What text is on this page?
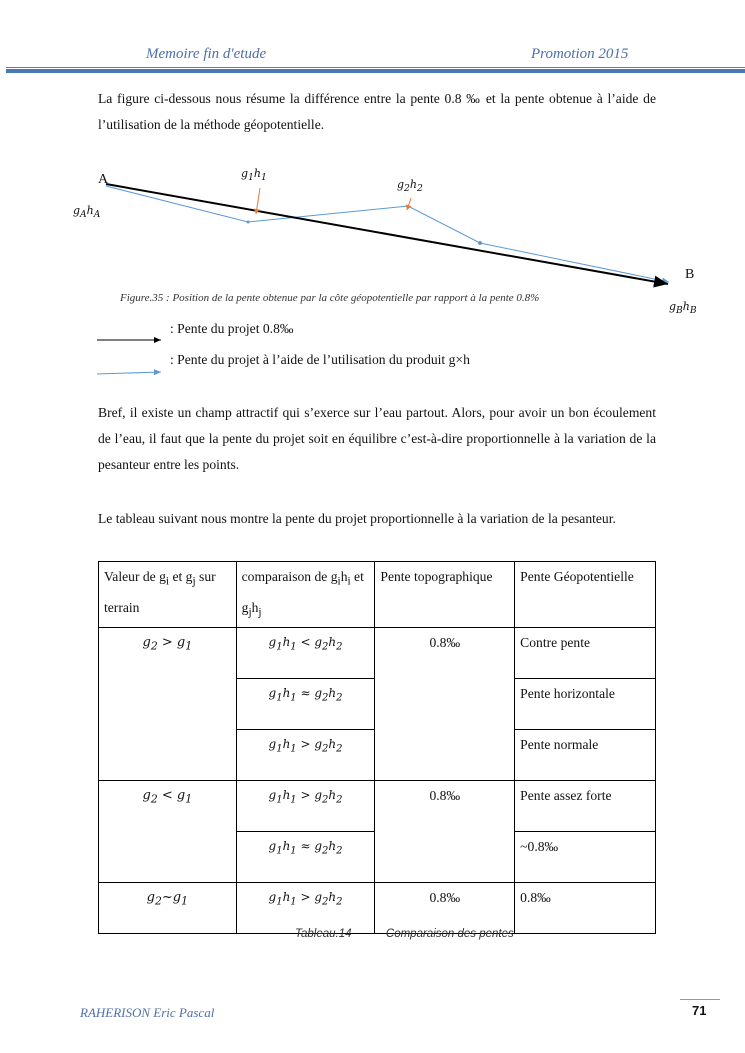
Memoire fin d'etude	Promotion 2015
La figure ci-dessous nous résume la différence entre la pente 0.8 ‰ et la pente obtenue à l’aide de l’utilisation de la méthode géopotentielle.
A
B
$g_Ah_A$
$g_1h_1$
$g_2h_2$
$g_Bh_B$
Figure.35 : Position de la pente obtenue par la côte géopotentielle par rapport à la pente 0.8%
: Pente du projet 0.8‰
: Pente du projet à l’aide de l’utilisation du produit g×h
Bref, il existe un champ attractif qui s’exerce sur l’eau partout. Alors, pour avoir un bon écoulement de l’eau, il faut que la pente du projet soit en équilibre c’est-à-dire proportionnelle à la variation de la pesanteur entre les points.
Le tableau suivant nous montre la pente du projet proportionnelle à la variation de la pesanteur.
Valeur de $g_i$ et $g_j$ sur terrain	comparaison de $g_ih_i$ et $g_jh_j$	Pente topographique	Pente Géopotentielle
$g_2 > g_1$	$g_1h_1 < g_2h_2$	0.8‰	Contre pente
	$g_1h_1 \approx g_2h_2$		Pente horizontale
	$g_1h_1 > g_2h_2$		Pente normale
$g_2 < g_1$	$g_1h_1 > g_2h_2$	0.8‰	Pente assez forte
	$g_1h_1 \approx g_2h_2$		~0.8‰
$g_2\sim g_1$	$g_1h_1 > g_2h_2$	0.8‰	0.8‰
Tableau.14	Comparaison des pentes
RAHERISON Eric Pascal	71
